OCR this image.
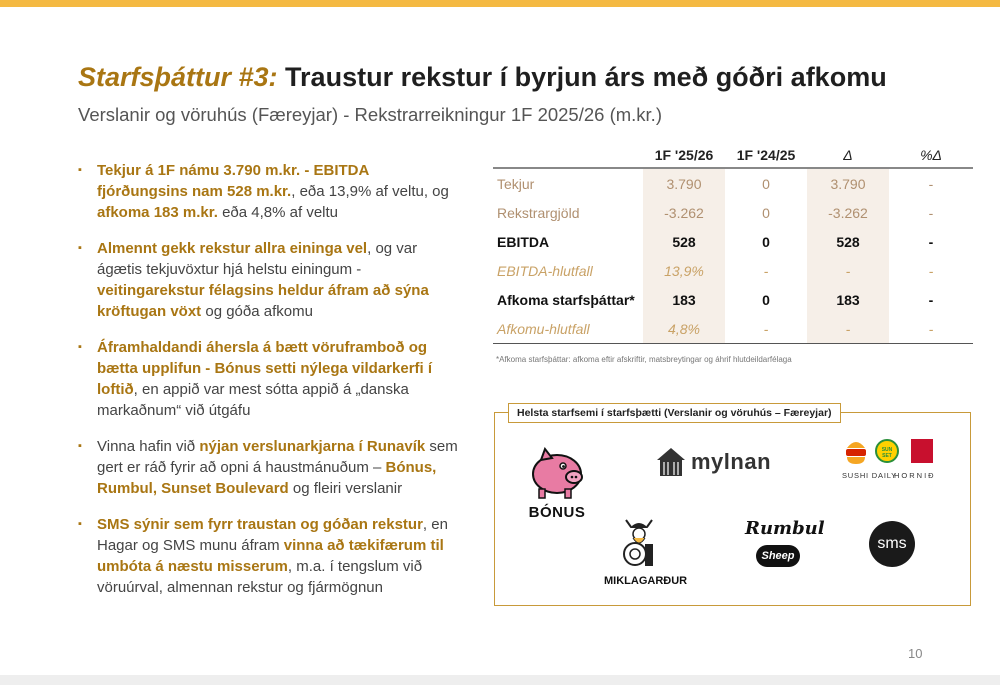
Starfsþáttur #3: Traustur rekstur í byrjun árs með góðri afkomu
Verslanir og vöruhús (Færeyjar) - Rekstrarreikningur 1F 2025/26 (m.kr.)
▪ Tekjur á 1F námu 3.790 m.kr. - EBITDA fjórðungsins nam 528 m.kr., eða 13,9% af veltu, og afkoma 183 m.kr. eða 4,8% af veltu
▪ Almennt gekk rekstur allra eininga vel, og var ágætis tekjuvöxtur hjá helstu einingum - veitingarekstur félagsins heldur áfram að sýna kröftugan vöxt og góða afkomu
▪ Áframhaldandi áhersla á bætt vöruframboð og bætta upplifun - Bónus setti nýlega vildarkerfi í loftið, en appið var mest sótta appið á „danska markaðnum“ við útgáfu
▪ Vinna hafin við nýjan verslunarkjarna í Runavík sem gert er ráð fyrir að opni á haustmánuðum – Bónus, Rumbul, Sunset Boulevard og fleiri verslanir
▪ SMS sýnir sem fyrr traustan og góðan rekstur, en Hagar og SMS munu áfram vinna að tækifærum til umbóta á næstu misserum, m.a. í tengslum við vöruúrval, almennan rekstur og fjármögnun
	1F '25/26	1F '24/25	Δ	%Δ
Tekjur	3.790	0	3.790	-
Rekstrargjöld	-3.262	0	-3.262	-
EBITDA	528	0	528	-
EBITDA-hlutfall	13,9%	-	-	-
Afkoma starfsþáttar*	183	0	183	-
Afkomu-hlutfall	4,8%	-	-	-
*Afkoma starfsþáttar: afkoma eftir afskriftir, matsbreytingar og áhrif hlutdeildarfélaga
Helsta starfsemi í starfsþætti (Verslanir og vöruhús – Færeyjar)
BÓNUS
mylnan	SUN SET
SUSHI DAILY
HORNIÐ
MIKLAGARÐUR
Rumbul
Sheep
sms
10
